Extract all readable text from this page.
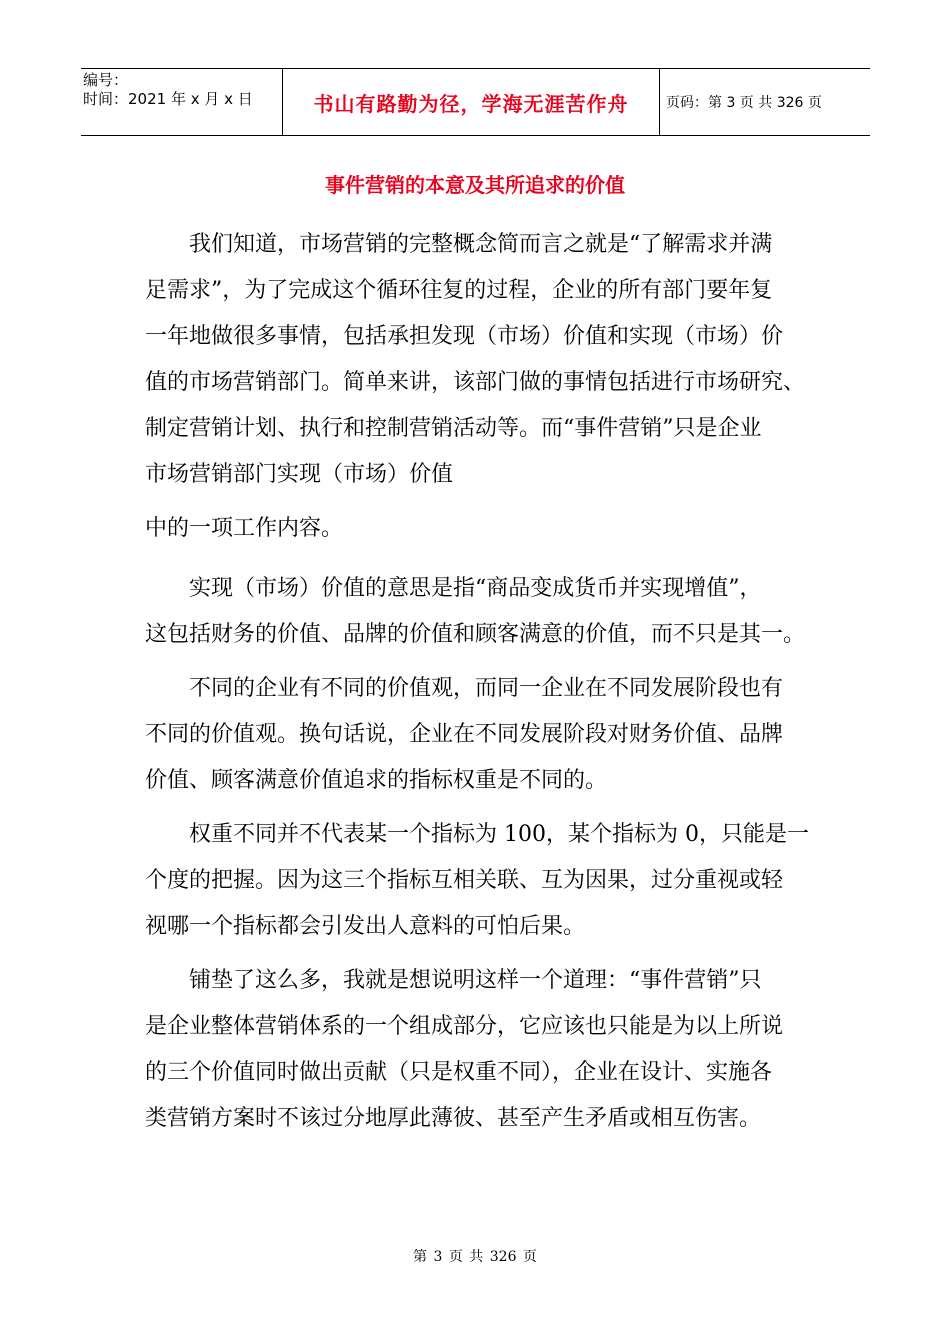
编号：
时间：2021 年 x 月 x 日	书山有路勤为径，学海无涯苦作舟	页码：第 3 页 共 326 页
事件营销的本意及其所追求的价值
我们知道，市场营销的完整概念简而言之就是“了解需求并满
足需求”，为了完成这个循环往复的过程，企业的所有部门要年复
一年地做很多事情，包括承担发现（市场）价值和实现（市场）价
值的市场营销部门。简单来讲，该部门做的事情包括进行市场研究、
制定营销计划、执行和控制营销活动等。而“事件营销”只是企业
市场营销部门实现（市场）价值
中的一项工作内容。
实现（市场）价值的意思是指“商品变成货币并实现增值”，
这包括财务的价值、品牌的价值和顾客满意的价值，而不只是其一。
不同的企业有不同的价值观，而同一企业在不同发展阶段也有
不同的价值观。换句话说，企业在不同发展阶段对财务价值、品牌
价值、顾客满意价值追求的指标权重是不同的。
权重不同并不代表某一个指标为 100，某个指标为 0，只能是一
个度的把握。因为这三个指标互相关联、互为因果，过分重视或轻
视哪一个指标都会引发出人意料的可怕后果。
铺垫了这么多，我就是想说明这样一个道理：“事件营销”只
是企业整体营销体系的一个组成部分，它应该也只能是为以上所说
的三个价值同时做出贡献（只是权重不同），企业在设计、实施各
类营销方案时不该过分地厚此薄彼、甚至产生矛盾或相互伤害。
第 3 页 共 326 页
